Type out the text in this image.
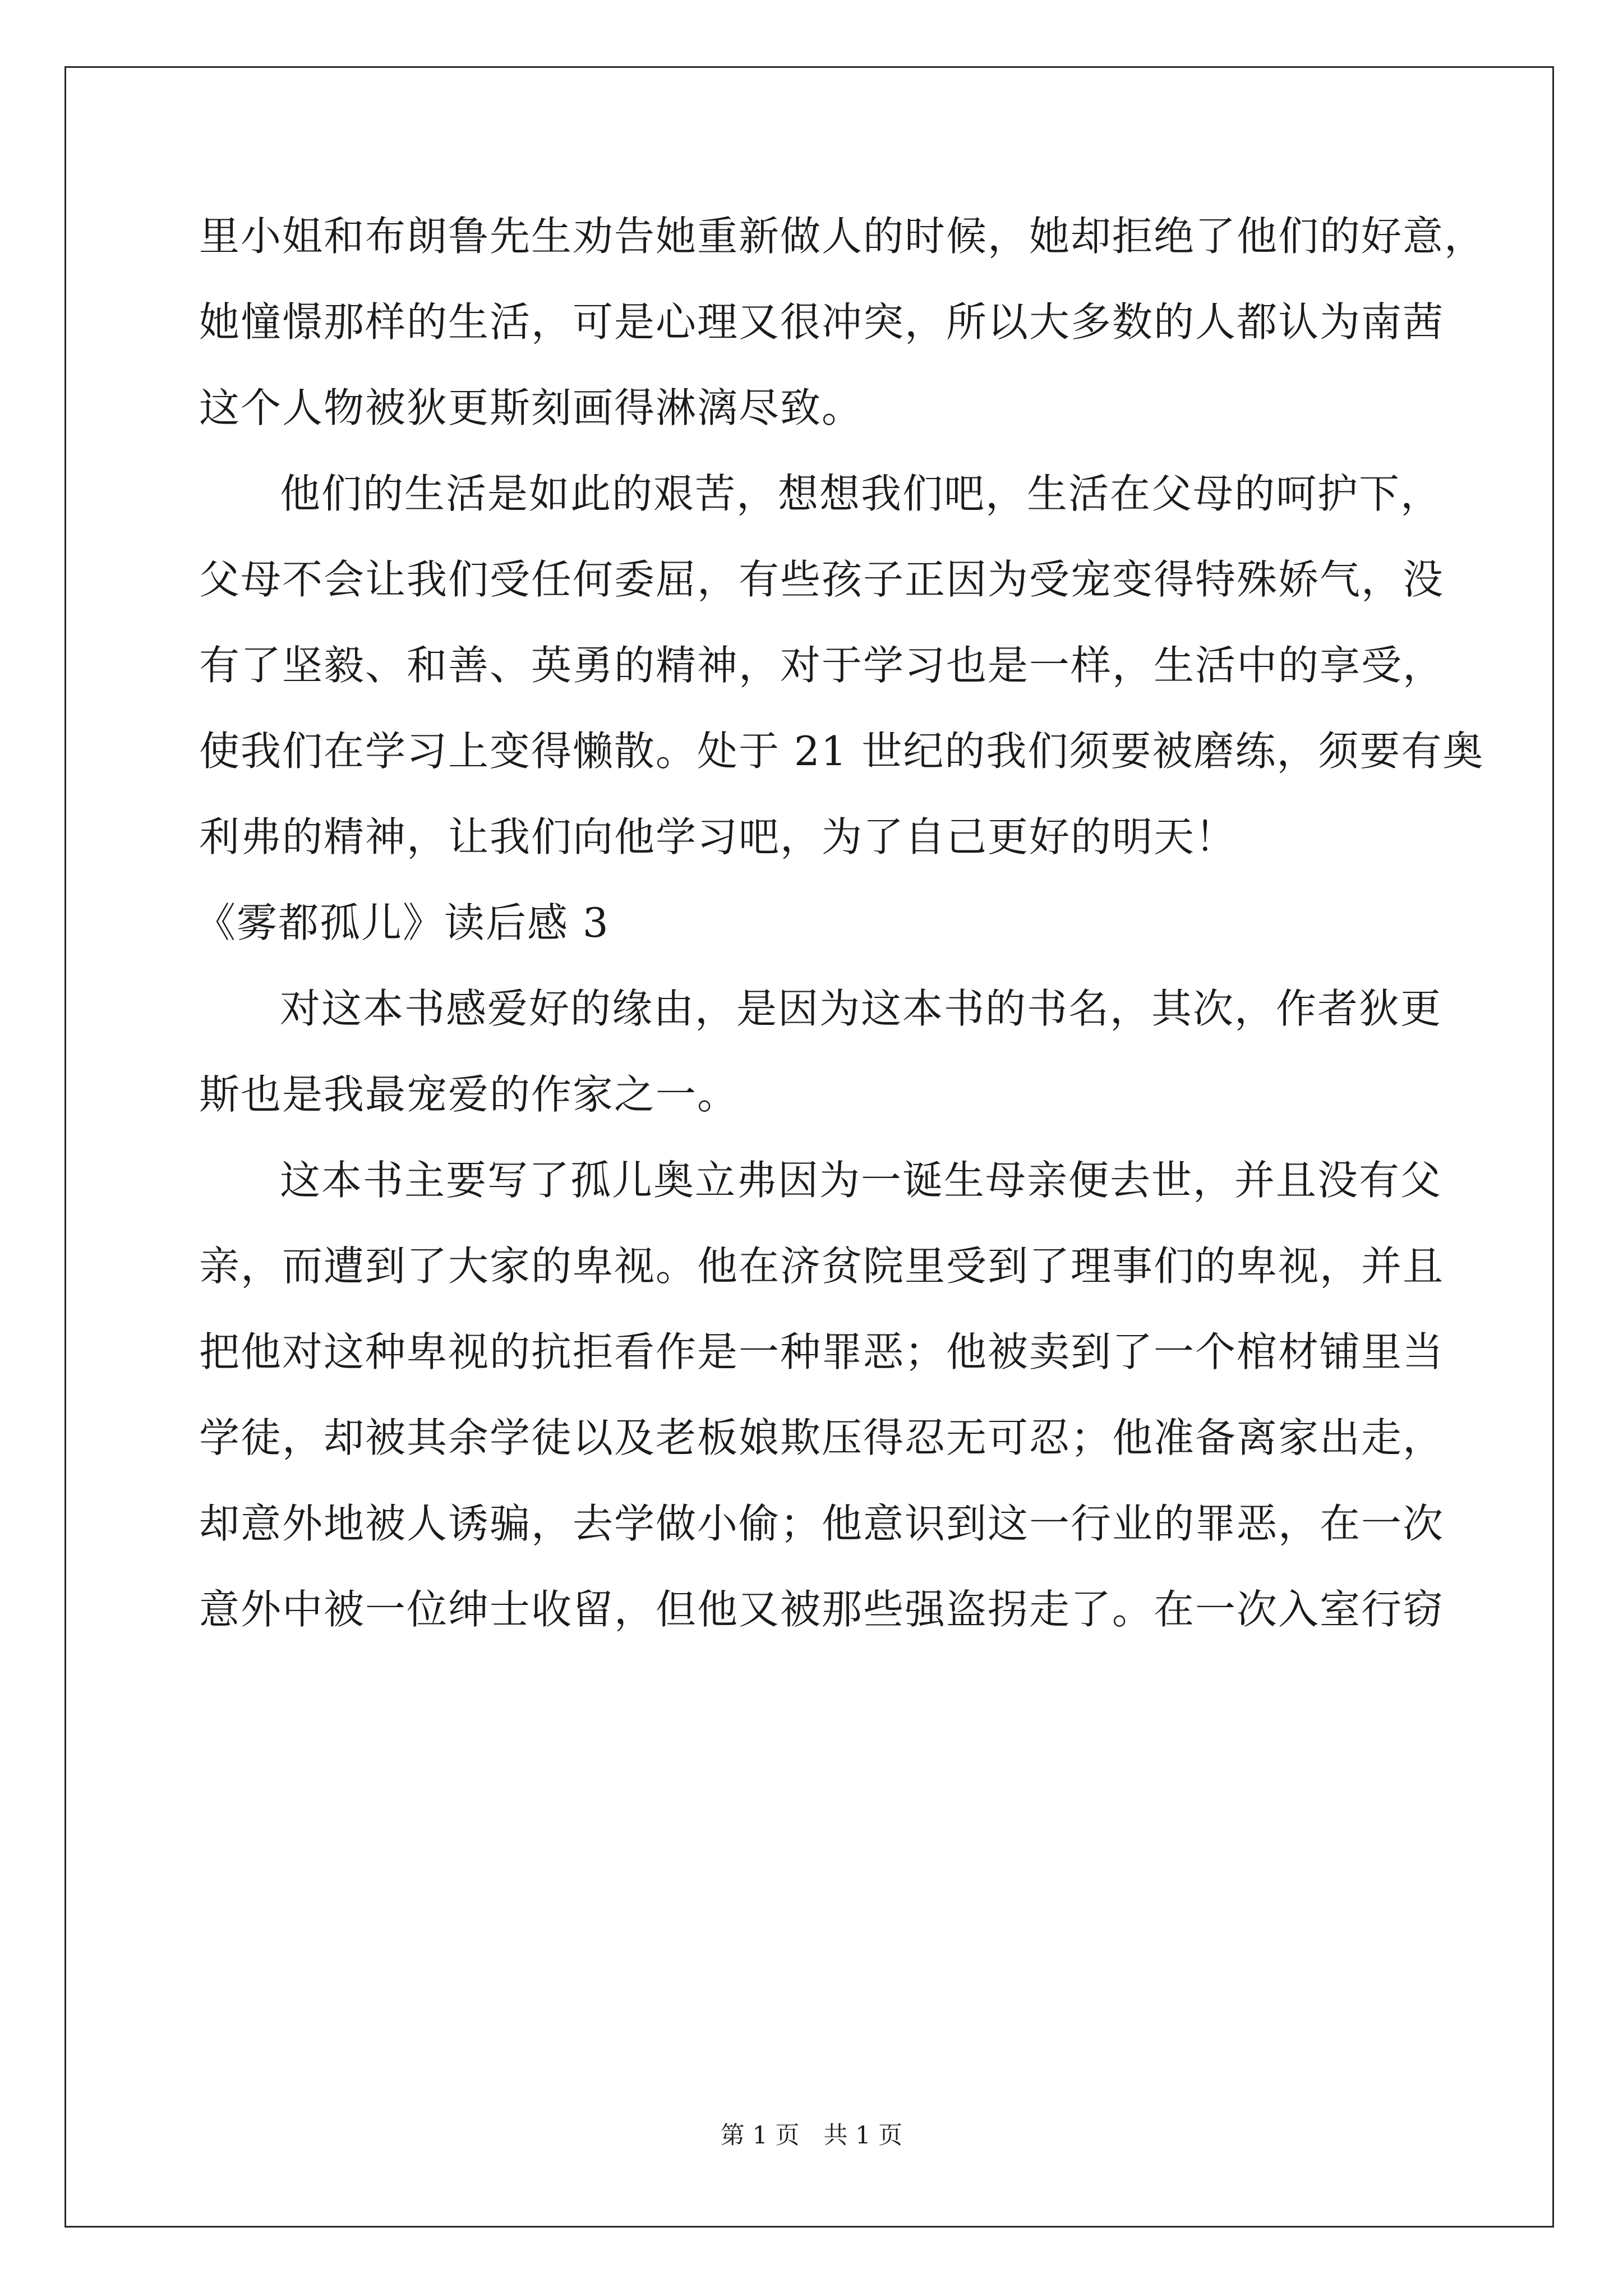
里小姐和布朗鲁先生劝告她重新做人的时候，她却拒绝了他们的好意，
她憧憬那样的生活，可是心理又很冲突，所以大多数的人都认为南茜
这个人物被狄更斯刻画得淋漓尽致。
他们的生活是如此的艰苦，想想我们吧，生活在父母的呵护下，
父母不会让我们受任何委屈，有些孩子正因为受宠变得特殊娇气，没
有了坚毅、和善、英勇的精神，对于学习也是一样，生活中的享受，
使我们在学习上变得懒散。处于 21 世纪的我们须要被磨练，须要有奥
利弗的精神，让我们向他学习吧，为了自己更好的明天！
《雾都孤儿》读后感 3
对这本书感爱好的缘由，是因为这本书的书名，其次，作者狄更
斯也是我最宠爱的作家之一。
这本书主要写了孤儿奥立弗因为一诞生母亲便去世，并且没有父
亲，而遭到了大家的卑视。他在济贫院里受到了理事们的卑视，并且
把他对这种卑视的抗拒看作是一种罪恶；他被卖到了一个棺材铺里当
学徒，却被其余学徒以及老板娘欺压得忍无可忍；他准备离家出走，
却意外地被人诱骗，去学做小偷；他意识到这一行业的罪恶，在一次
意外中被一位绅士收留，但他又被那些强盗拐走了。在一次入室行窃
第 1 页　共 1 页
